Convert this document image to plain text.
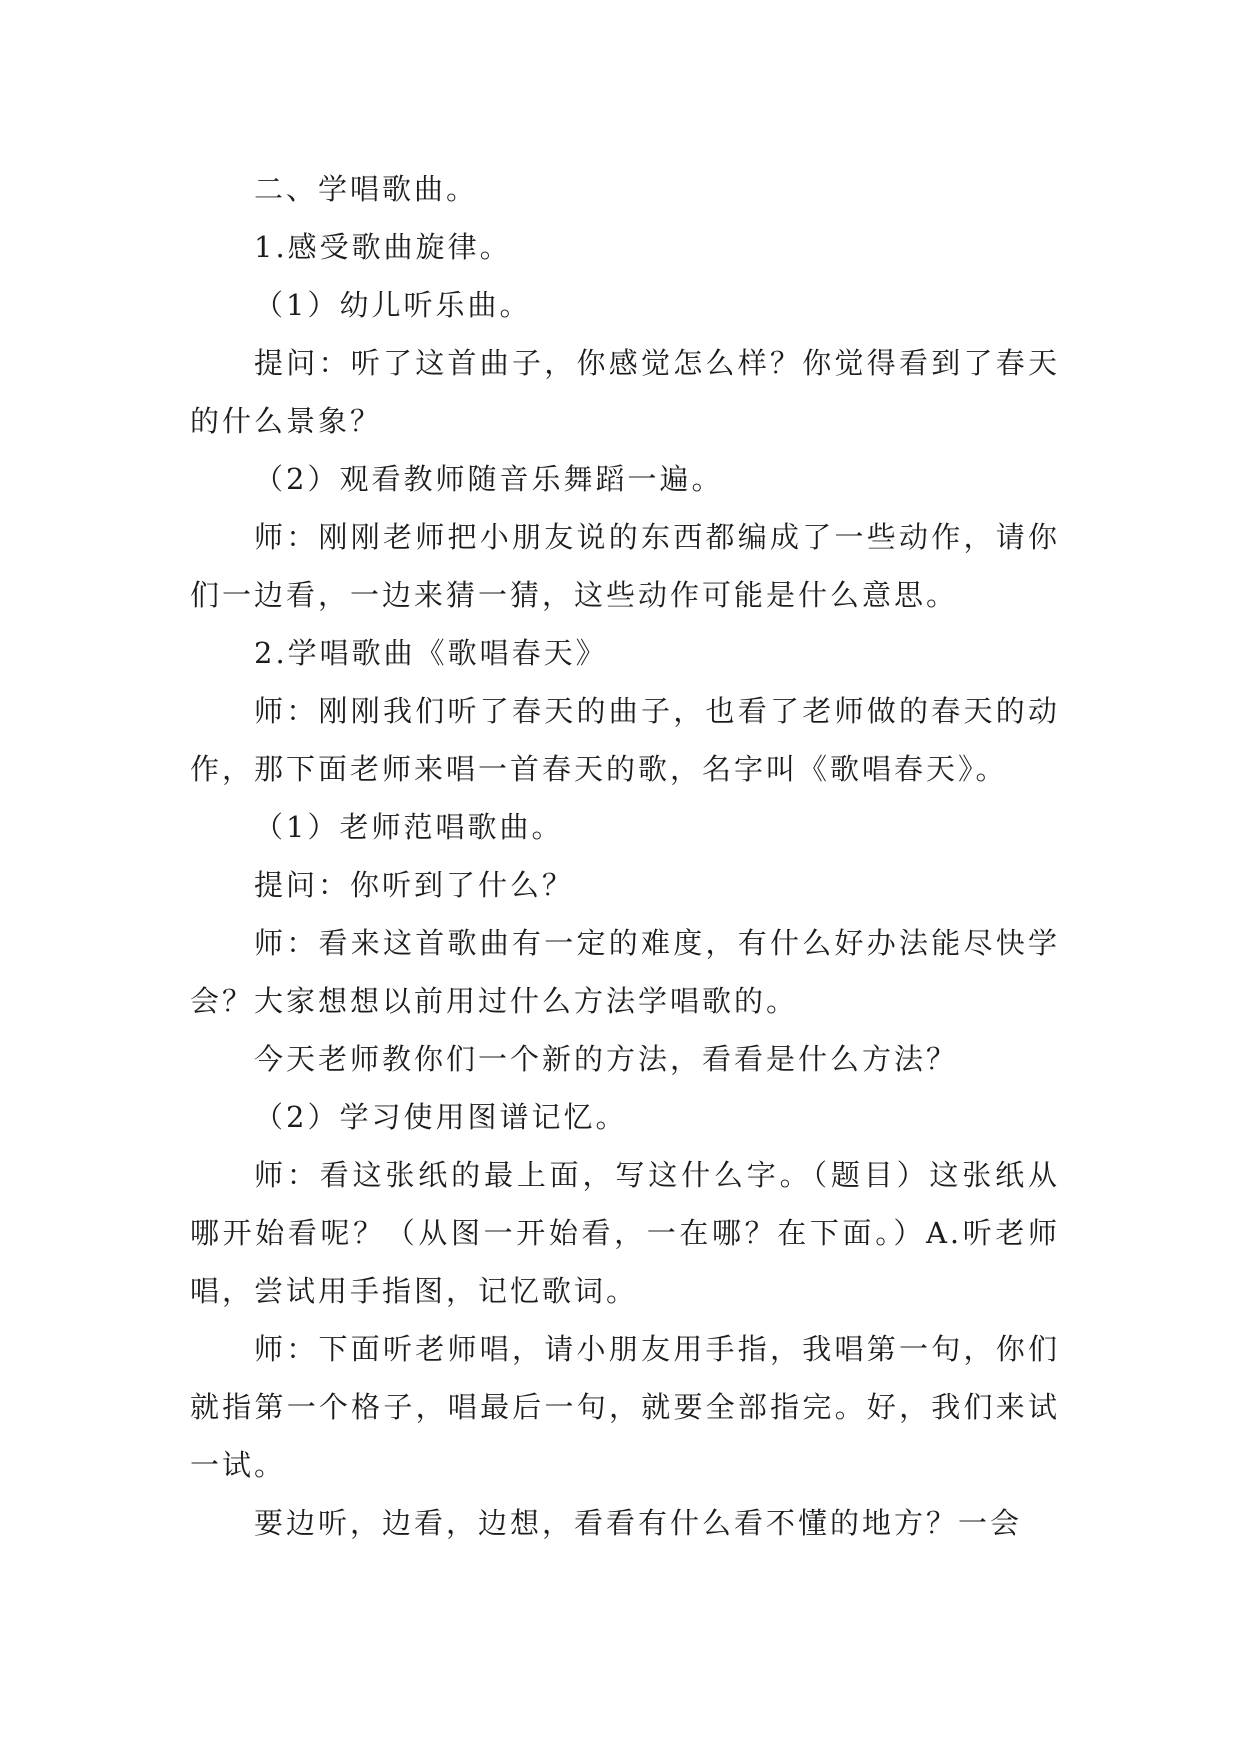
二、学唱歌曲。

1.感受歌曲旋律。

（1）幼儿听乐曲。

提问：听了这首曲子，你感觉怎么样？你觉得看到了春天的什么景象？

（2）观看教师随音乐舞蹈一遍。

师：刚刚老师把小朋友说的东西都编成了一些动作，请你们一边看，一边来猜一猜，这些动作可能是什么意思。

2.学唱歌曲《歌唱春天》

师：刚刚我们听了春天的曲子，也看了老师做的春天的动作，那下面老师来唱一首春天的歌，名字叫《歌唱春天》。

（1）老师范唱歌曲。

提问：你听到了什么？

师：看来这首歌曲有一定的难度，有什么好办法能尽快学会？大家想想以前用过什么方法学唱歌的。

今天老师教你们一个新的方法，看看是什么方法？

（2）学习使用图谱记忆。

师：看这张纸的最上面，写这什么字。（题目）这张纸从哪开始看呢？（从图一开始看，一在哪？在下面。）A.听老师唱，尝试用手指图，记忆歌词。

师：下面听老师唱，请小朋友用手指，我唱第一句，你们就指第一个格子，唱最后一句，就要全部指完。好，我们来试一试。

要边听，边看，边想，看看有什么看不懂的地方？一会
